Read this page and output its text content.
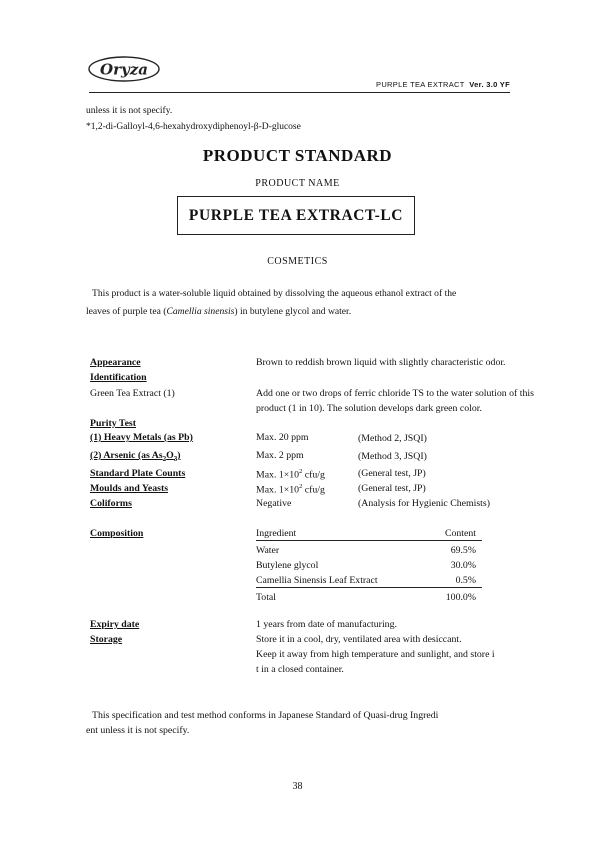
Oryza
PURPLE TEA EXTRACT Ver. 3.0 YF
unless it is not specify.
*1,2-di-Galloyl-4,6-hexahydroxydiphenoyl-β-D-glucose
PRODUCT STANDARD
PRODUCT NAME
PURPLE TEA EXTRACT-LC
COSMETICS
This product is a water-soluble liquid obtained by dissolving the aqueous ethanol extract of the
leaves of purple tea (Camellia sinensis) in butylene glycol and water.
Appearance	Brown to reddish brown liquid with slightly characteristic odor.
Identification
Green Tea Extract (1)	Add one or two drops of ferric chloride TS to the water solution of this
product (1 in 10). The solution develops dark green color.
Purity Test
(1) Heavy Metals (as Pb)	Max. 20 ppm	(Method 2, JSQI)
(2) Arsenic (as $As_2O_3$)	Max. 2 ppm	(Method 3, JSQI)
Standard Plate Counts	Max. $1\times 10^2$ cfu/g	(General test, JP)
Moulds and Yeasts	Max. $1\times 10^2$ cfu/g	(General test, JP)
Coliforms	Negative	(Analysis for Hygienic Chemists)
Composition	Ingredient	Content
Water	69.5%
Butylene glycol	30.0%
Camellia Sinensis Leaf Extract	0.5%
Total	100.0%
Expiry date	1 years from date of manufacturing.
Storage	Store it in a cool, dry, ventilated area with desiccant.
Keep it away from high temperature and sunlight, and store i
t in a closed container.
This specification and test method conforms in Japanese Standard of Quasi-drug Ingredi
ent unless it is not specify.
38
